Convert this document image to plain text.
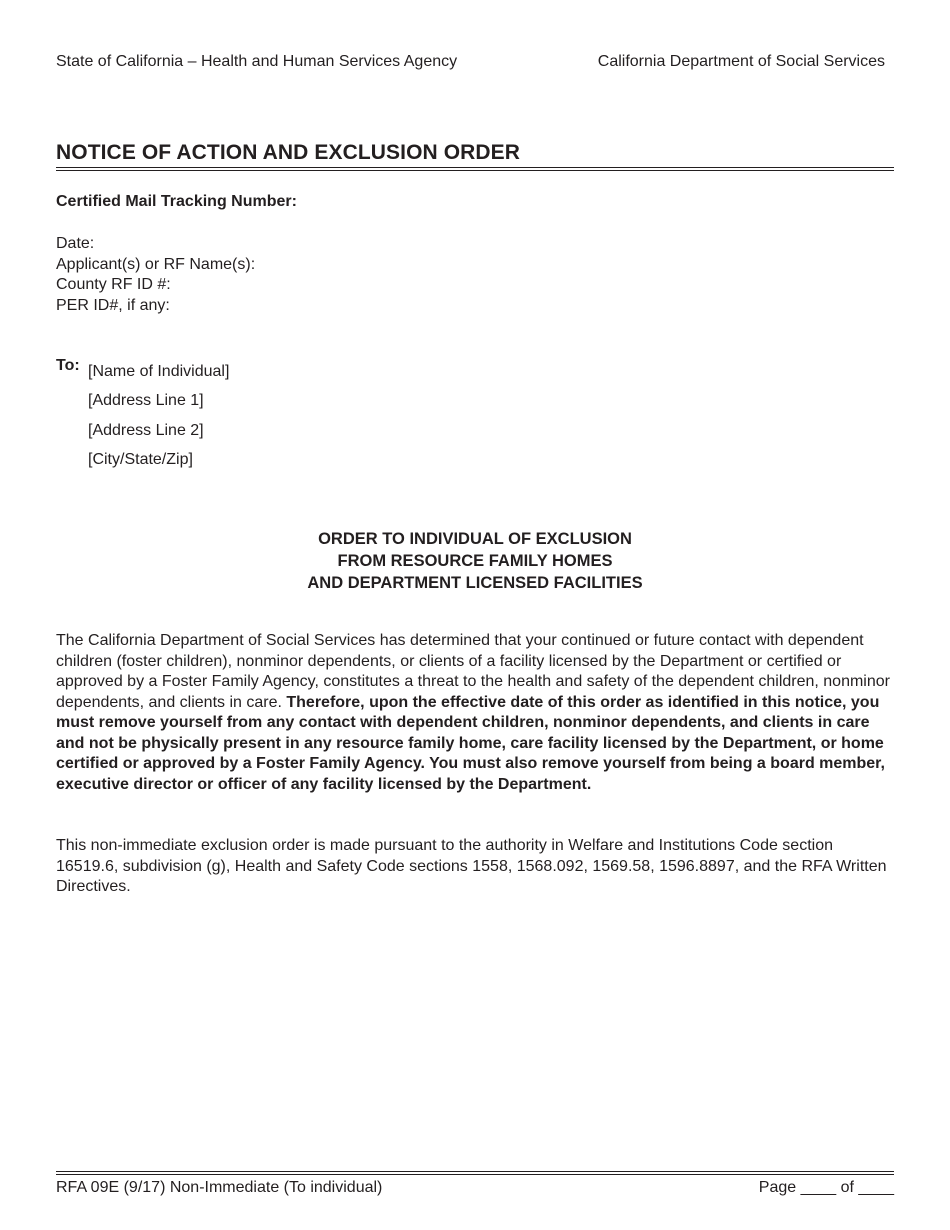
State of California – Health and Human Services Agency	California Department of Social Services
NOTICE OF ACTION AND EXCLUSION ORDER
Certified Mail Tracking Number:
Date:
Applicant(s) or RF Name(s):
County RF ID #:
PER ID#, if any:
To: [Name of Individual]
[Address Line 1]
[Address Line 2]
[City/State/Zip]
ORDER TO INDIVIDUAL OF EXCLUSION
FROM RESOURCE FAMILY HOMES
AND DEPARTMENT LICENSED FACILITIES
The California Department of Social Services has determined that your continued or future contact with dependent children (foster children), nonminor dependents, or clients of a facility licensed by the Department or certified or approved by a Foster Family Agency, constitutes a threat to the health and safety of the dependent children, nonminor dependents, and clients in care. Therefore, upon the effective date of this order as identified in this notice, you must remove yourself from any contact with dependent children, nonminor dependents, and clients in care and not be physically present in any resource family home, care facility licensed by the Department, or home certified or approved by a Foster Family Agency. You must also remove yourself from being a board member, executive director or officer of any facility licensed by the Department.
This non-immediate exclusion order is made pursuant to the authority in Welfare and Institutions Code section 16519.6, subdivision (g), Health and Safety Code sections 1558, 1568.092, 1569.58, 1596.8897, and the RFA Written Directives.
RFA 09E (9/17) Non-Immediate (To individual)	Page ____ of ____
